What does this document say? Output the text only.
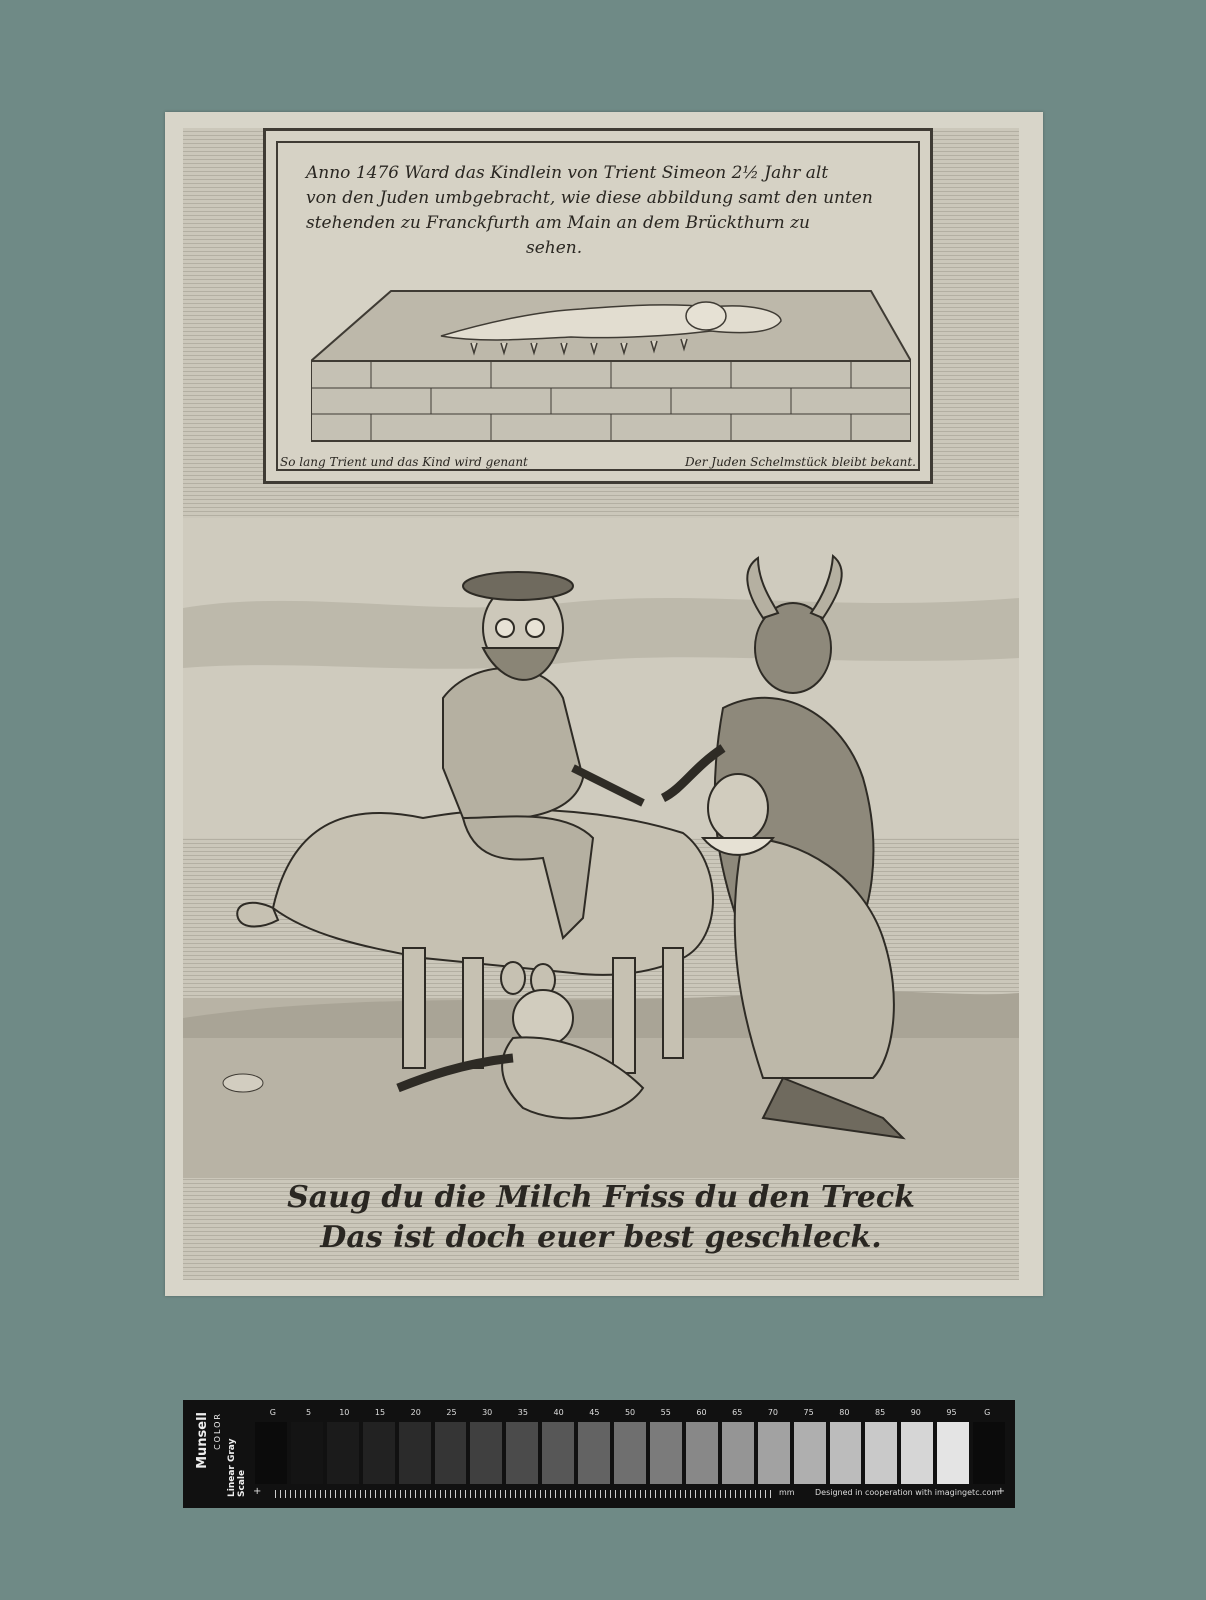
Anno 1476 Ward das Kindlein von Trient Simeon 2½ Jahr alt
von den Juden umbgebracht, wie diese abbildung samt den unten
stehenden zu Franckfurth am Main an dem Brückthurn zu
sehen.
So lang Trient und das Kind wird genant	Der Juden Schelmstück bleibt bekant.
Saug du die Milch Friss du den Treck
Das ist doch euer best geschleck.
Munsell COLOR
Linear Gray Scale
G	5	10	15	20	25	30	35	40	45	50	55	60	65	70	75	80	85	90	95	G
mm	Designed in cooperation with imagingetc.com
+	+
